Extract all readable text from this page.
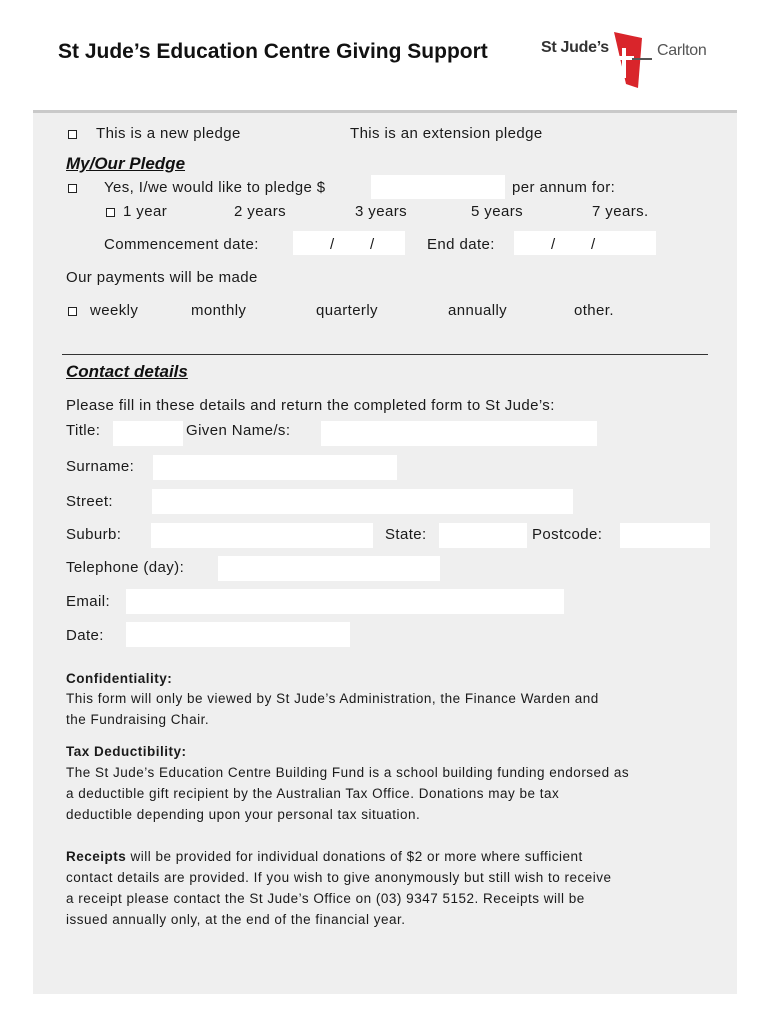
St Jude’s Education Centre Giving Support	St Jude’s	Carlton
This is a new pledge	This is an extension pledge
My/Our Pledge
Yes, I/we would like to pledge $	per annum for:
1 year	2 years	3 years	5 years	7 years.
Commencement date:	/ /	End date:	/ /
Our payments will be made
weekly	monthly	quarterly	annually	other.
Contact details
Please fill in these details and return the completed form to St Jude’s:
Title:	Given Name/s:
Surname:
Street:
Suburb:	State:	Postcode:
Telephone (day):
Email:
Date:
Confidentiality:
This form will only be viewed by St Jude’s Administration, the Finance Warden and
the Fundraising Chair.
Tax Deductibility:
The St Jude’s Education Centre Building Fund is a school building funding endorsed as
a deductible gift recipient by the Australian Tax Office. Donations may be tax
deductible depending upon your personal tax situation.
Receipts will be provided for individual donations of $2 or more where sufficient
contact details are provided. If you wish to give anonymously but still wish to receive
a receipt please contact the St Jude’s Office on (03) 9347 5152. Receipts will be
issued annually only, at the end of the financial year.
